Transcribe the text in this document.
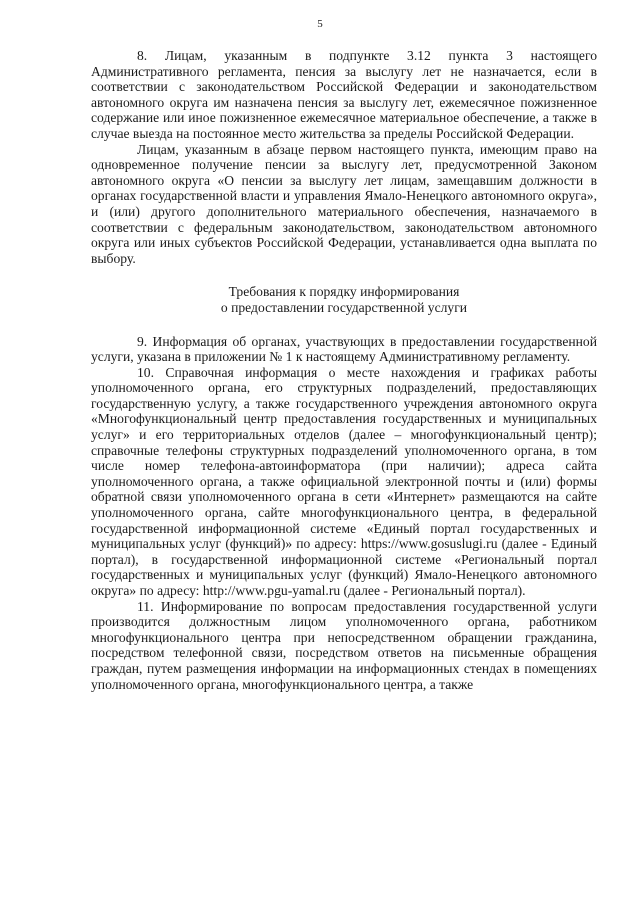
5

8. Лицам, указанным в подпункте 3.12 пункта 3 настоящего Административного регламента, пенсия за выслугу лет не назначается, если в соответствии с законодательством Российской Федерации и законодательством автономного округа им назначена пенсия за выслугу лет, ежемесячное пожизненное содержание или иное пожизненное ежемесячное материальное обеспечение, а также в случае выезда на постоянное место жительства за пределы Российской Федерации.

Лицам, указанным в абзаце первом настоящего пункта, имеющим право на одновременное получение пенсии за выслугу лет, предусмотренной Законом автономного округа «О пенсии за выслугу лет лицам, замещавшим должности в органах государственной власти и управления Ямало-Ненецкого автономного округа», и (или) другого дополнительного материального обеспечения, назначаемого в соответствии с федеральным законодательством, законодательством автономного округа или иных субъектов Российской Федерации, устанавливается одна выплата по выбору.

Требования к порядку информирования
о предоставлении государственной услуги

9. Информация об органах, участвующих в предоставлении государственной услуги, указана в приложении № 1 к настоящему Административному регламенту.

10. Справочная информация о месте нахождения и графиках работы уполномоченного органа, его структурных подразделений, предоставляющих государственную услугу, а также государственного учреждения автономного округа «Многофункциональный центр предоставления государственных и муниципальных услуг» и его территориальных отделов (далее – многофункциональный центр); справочные телефоны структурных подразделений уполномоченного органа, в том числе номер телефона-автоинформатора (при наличии); адреса сайта уполномоченного органа, а также официальной электронной почты и (или) формы обратной связи уполномоченного органа в сети «Интернет» размещаются на сайте уполномоченного органа, сайте многофункционального центра, в федеральной государственной информационной системе «Единый портал государственных и муниципальных услуг (функций)» по адресу: https://www.gosuslugi.ru (далее - Единый портал), в государственной информационной системе «Региональный портал государственных и муниципальных услуг (функций) Ямало-Ненецкого автономного округа» по адресу: http://www.pgu-yamal.ru (далее - Региональный портал).

11. Информирование по вопросам предоставления государственной услуги производится должностным лицом уполномоченного органа, работником многофункционального центра при непосредственном обращении гражданина, посредством телефонной связи, посредством ответов на письменные обращения граждан, путем размещения информации на информационных стендах в помещениях уполномоченного органа, многофункционального центра, а также
